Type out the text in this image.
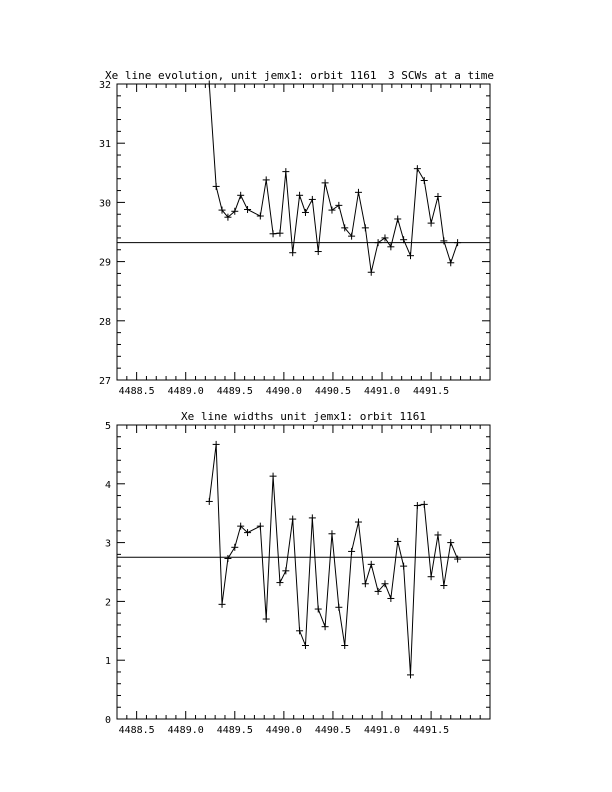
4488.5 4489.0 4489.5 4490.0 4490.5 4491.0 4491.5
27
28
29
30
31
32
Xe line evolution, unit jemx1: orbit 1161 3 SCWs at a time
4488.5 4489.0 4489.5 4490.0 4490.5 4491.0 4491.5
0
1
2
3
4
5
Xe line widths unit jemx1: orbit 1161
